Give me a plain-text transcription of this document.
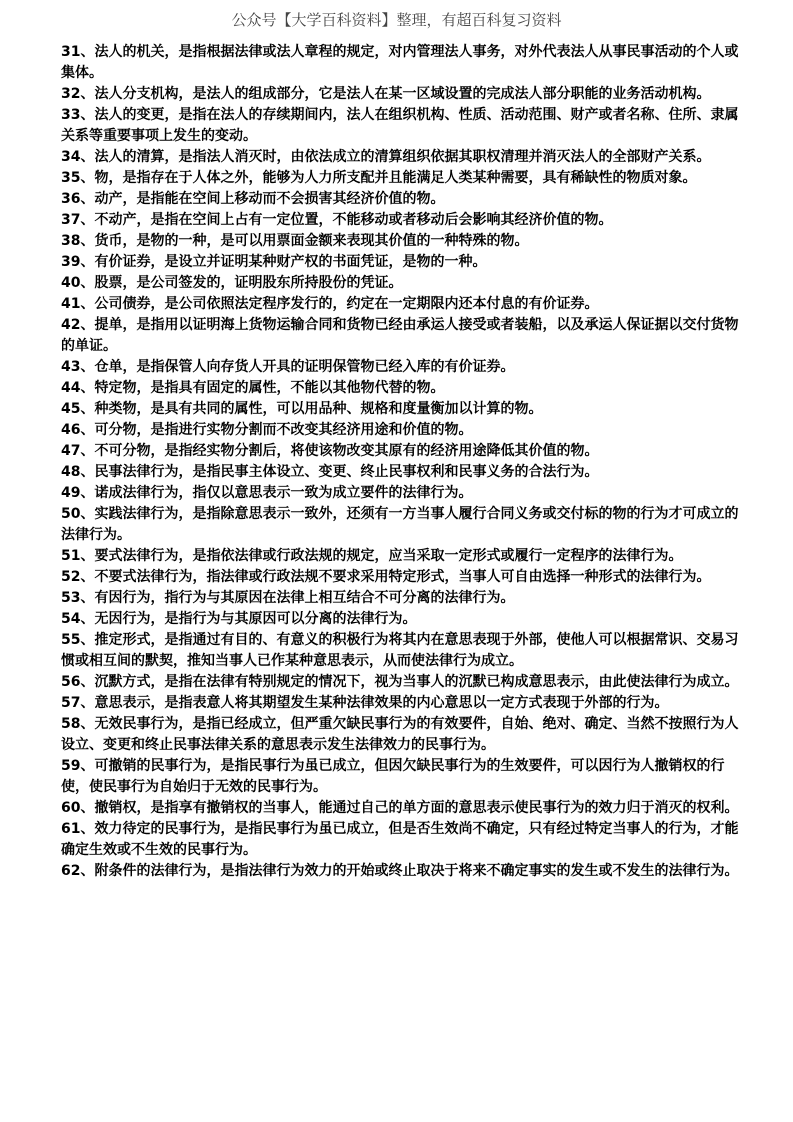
公众号【大学百科资料】整理，有超百科复习资料

31、法人的机关，是指根据法律或法人章程的规定，对内管理法人事务，对外代表法人从事民事活动的个人或集体。

32、法人分支机构，是法人的组成部分，它是法人在某一区域设置的完成法人部分职能的业务活动机构。

33、法人的变更，是指在法人的存续期间内，法人在组织机构、性质、活动范围、财产或者名称、住所、隶属关系等重要事项上发生的变动。

34、法人的清算，是指法人消灭时，由依法成立的清算组织依据其职权清理并消灭法人的全部财产关系。

35、物，是指存在于人体之外，能够为人力所支配并且能满足人类某种需要，具有稀缺性的物质对象。

36、动产，是指能在空间上移动而不会损害其经济价值的物。

37、不动产，是指在空间上占有一定位置，不能移动或者移动后会影响其经济价值的物。

38、货币，是物的一种，是可以用票面金额来表现其价值的一种特殊的物。

39、有价证券，是设立并证明某种财产权的书面凭证，是物的一种。

40、股票，是公司签发的，证明股东所持股份的凭证。

41、公司债券，是公司依照法定程序发行的，约定在一定期限内还本付息的有价证券。

42、提单，是指用以证明海上货物运输合同和货物已经由承运人接受或者装船，以及承运人保证据以交付货物的单证。

43、仓单，是指保管人向存货人开具的证明保管物已经入库的有价证券。

44、特定物，是指具有固定的属性，不能以其他物代替的物。

45、种类物，是具有共同的属性，可以用品种、规格和度量衡加以计算的物。

46、可分物，是指进行实物分割而不改变其经济用途和价值的物。

47、不可分物，是指经实物分割后，将使该物改变其原有的经济用途降低其价值的物。

48、民事法律行为，是指民事主体设立、变更、终止民事权利和民事义务的合法行为。

49、诺成法律行为，指仅以意思表示一致为成立要件的法律行为。

50、实践法律行为，是指除意思表示一致外，还须有一方当事人履行合同义务或交付标的物的行为才可成立的法律行为。

51、要式法律行为，是指依法律或行政法规的规定，应当采取一定形式或履行一定程序的法律行为。

52、不要式法律行为，指法律或行政法规不要求采用特定形式，当事人可自由选择一种形式的法律行为。

53、有因行为，指行为与其原因在法律上相互结合不可分离的法律行为。

54、无因行为，是指行为与其原因可以分离的法律行为。

55、推定形式，是指通过有目的、有意义的积极行为将其内在意思表现于外部，使他人可以根据常识、交易习惯或相互间的默契，推知当事人已作某种意思表示，从而使法律行为成立。

56、沉默方式，是指在法律有特别规定的情况下，视为当事人的沉默已构成意思表示，由此使法律行为成立。

57、意思表示，是指表意人将其期望发生某种法律效果的内心意思以一定方式表现于外部的行为。

58、无效民事行为，是指已经成立，但严重欠缺民事行为的有效要件，自始、绝对、确定、当然不按照行为人设立、变更和终止民事法律关系的意思表示发生法律效力的民事行为。

59、可撤销的民事行为，是指民事行为虽已成立，但因欠缺民事行为的生效要件，可以因行为人撤销权的行使，使民事行为自始归于无效的民事行为。

60、撤销权，是指享有撤销权的当事人，能通过自己的单方面的意思表示使民事行为的效力归于消灭的权利。

61、效力待定的民事行为，是指民事行为虽已成立，但是否生效尚不确定，只有经过特定当事人的行为，才能确定生效或不生效的民事行为。

62、附条件的法律行为，是指法律行为效力的开始或终止取决于将来不确定事实的发生或不发生的法律行为。
